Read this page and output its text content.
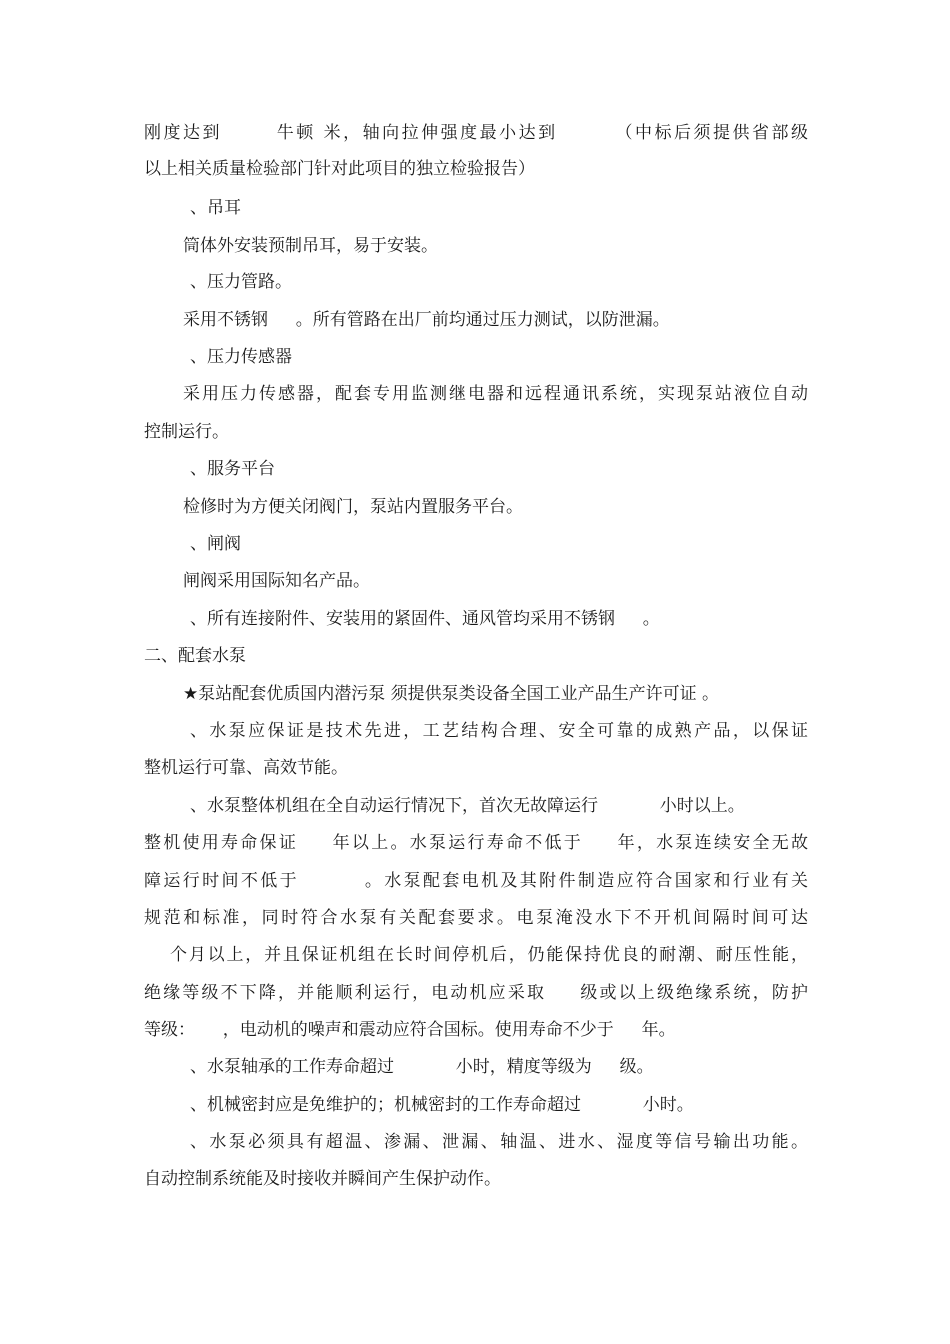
刚度达到 　　 牛顿 米，轴向拉伸强度最小达到 　　　（中标后须提供省部级
以上相关质量检验部门针对此项目的独立检验报告）
、吊耳
筒体外安装预制吊耳，易于安装。
、压力管路。
采用不锈钢 　 。所有管路在出厂前均通过压力测试，以防泄漏。
、压力传感器
采用压力传感器，配套专用监测继电器和远程通讯系统，实现泵站液位自动
控制运行。
、服务平台
检修时为方便关闭阀门，泵站内置服务平台。
、闸阀
闸阀采用国际知名产品。
、所有连接附件、安装用的紧固件、通风管均采用不锈钢 　 。
二、配套水泵
★泵站配套优质国内潜污泵 须提供泵类设备全国工业产品生产许可证 。
、水泵应保证是技术先进，工艺结构合理、安全可靠的成熟产品，以保证
整机运行可靠、高效节能。
、水泵整体机组在全自动运行情况下，首次无故障运行 　　　 小时以上。
整机使用寿命保证 　 年以上。水泵运行寿命不低于 　 年，水泵连续安全无故
障运行时间不低于 　　　。水泵配套电机及其附件制造应符合国家和行业有关
规范和标准，同时符合水泵有关配套要求。电泵淹没水下不开机间隔时间可达
个月以上，并且保证机组在长时间停机后，仍能保持优良的耐潮、耐压性能，
绝缘等级不下降，并能顺利运行，电动机应采取 　 级或以上级绝缘系统，防护
等级： 　 ，电动机的噪声和震动应符合国标。使用寿命不少于 　 年。
、水泵轴承的工作寿命超过 　　　 小时，精度等级为 　 级。
、机械密封应是免维护的；机械密封的工作寿命超过 　　　 小时。
、水泵必须具有超温、渗漏、泄漏、轴温、进水、湿度等信号输出功能。
自动控制系统能及时接收并瞬间产生保护动作。
